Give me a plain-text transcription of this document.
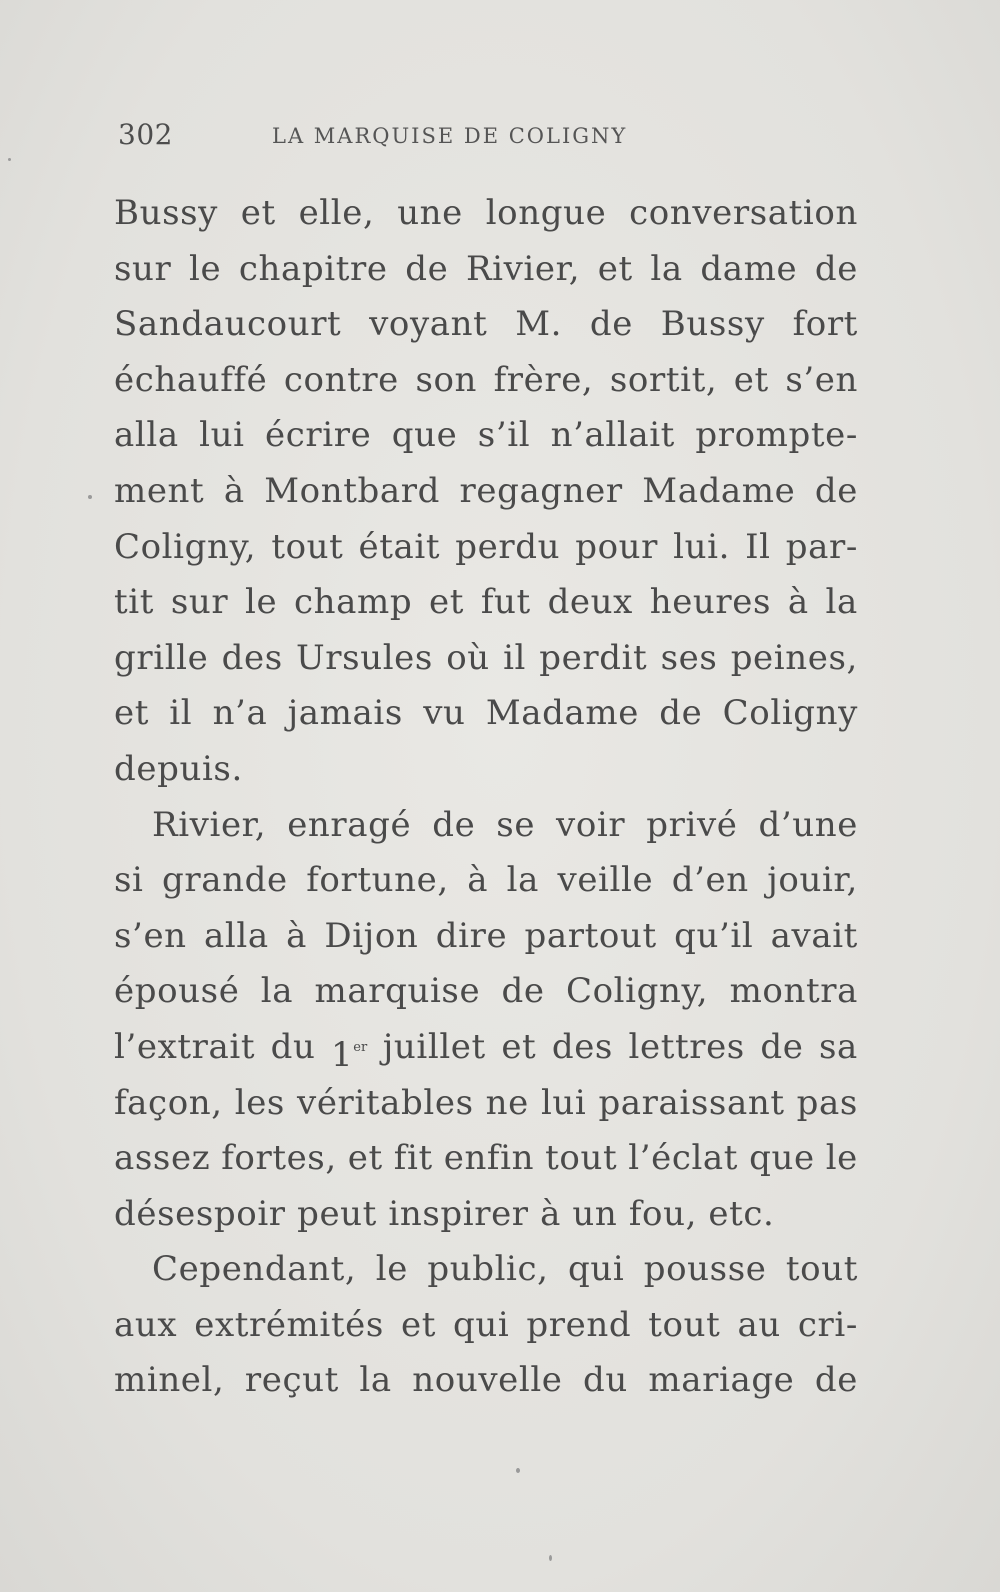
302	LA MARQUISE DE COLIGNY
Bussy et elle, une longue conversation
sur le chapitre de Rivier, et la dame de
Sandaucourt voyant M. de Bussy fort
échauffé contre son frère, sortit, et s’en
alla lui écrire que s’il n’allait prompte-
ment à Montbard regagner Madame de
Coligny, tout était perdu pour lui. Il par-
tit sur le champ et fut deux heures à la
grille des Ursules où il perdit ses peines,
et il n’a jamais vu Madame de Coligny
depuis.
Rivier, enragé de se voir privé d’une
si grande fortune, à la veille d’en jouir,
s’en alla à Dijon dire partout qu’il avait
épousé la marquise de Coligny, montra
l’extrait du 1er juillet et des lettres de sa
façon, les véritables ne lui paraissant pas
assez fortes, et fit enfin tout l’éclat que le
désespoir
peut
inspirer
à
un
fou,
etc.
Cependant, le public, qui pousse tout
aux extrémités et qui prend tout au cri-
minel, reçut la nouvelle du mariage de
